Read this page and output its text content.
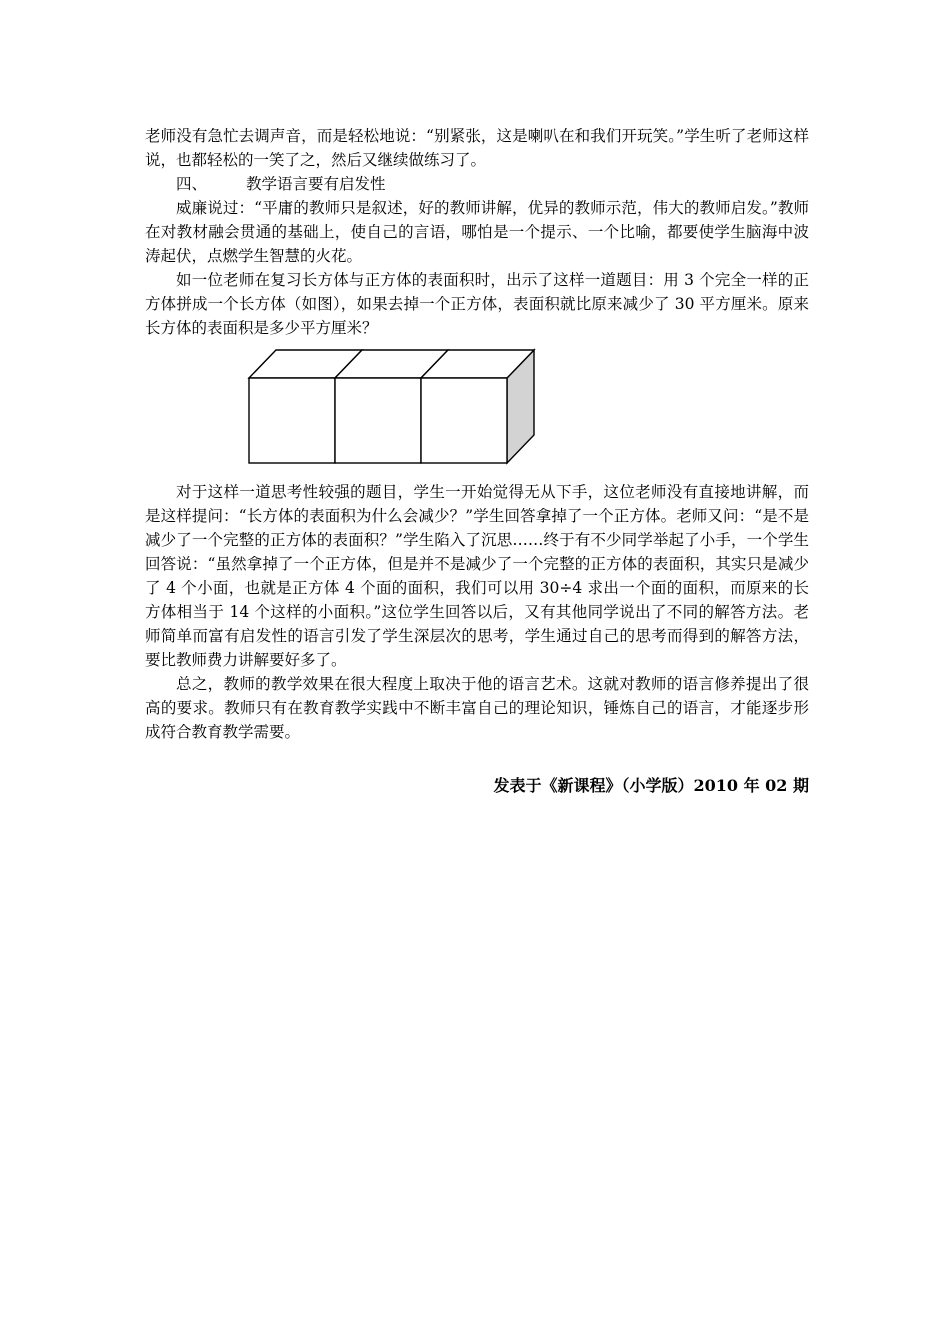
老师没有急忙去调声音，而是轻松地说：“别紧张，这是喇叭在和我们开玩笑。”学生听了老师这样说，也都轻松的一笑了之，然后又继续做练习了。

四、	教学语言要有启发性

威廉说过：“平庸的教师只是叙述，好的教师讲解，优异的教师示范，伟大的教师启发。”教师在对教材融会贯通的基础上，使自己的言语，哪怕是一个提示、一个比喻，都要使学生脑海中波涛起伏，点燃学生智慧的火花。

如一位老师在复习长方体与正方体的表面积时，出示了这样一道题目：用 3 个完全一样的正方体拼成一个长方体（如图），如果去掉一个正方体，表面积就比原来减少了 30 平方厘米。原来长方体的表面积是多少平方厘米？

对于这样一道思考性较强的题目，学生一开始觉得无从下手，这位老师没有直接地讲解，而是这样提问：“长方体的表面积为什么会减少？”学生回答拿掉了一个正方体。老师又问：“是不是减少了一个完整的正方体的表面积？”学生陷入了沉思……终于有不少同学举起了小手，一个学生回答说：“虽然拿掉了一个正方体，但是并不是减少了一个完整的正方体的表面积，其实只是减少了 4 个小面，也就是正方体 4 个面的面积，我们可以用 30÷4 求出一个面的面积，而原来的长方体相当于 14 个这样的小面积。”这位学生回答以后，又有其他同学说出了不同的解答方法。老师简单而富有启发性的语言引发了学生深层次的思考，学生通过自己的思考而得到的解答方法，要比教师费力讲解要好多了。

总之，教师的教学效果在很大程度上取决于他的语言艺术。这就对教师的语言修养提出了很高的要求。教师只有在教育教学实践中不断丰富自己的理论知识，锤炼自己的语言，才能逐步形成符合教育教学需要。

发表于《新课程》（小学版）2010 年 02 期
